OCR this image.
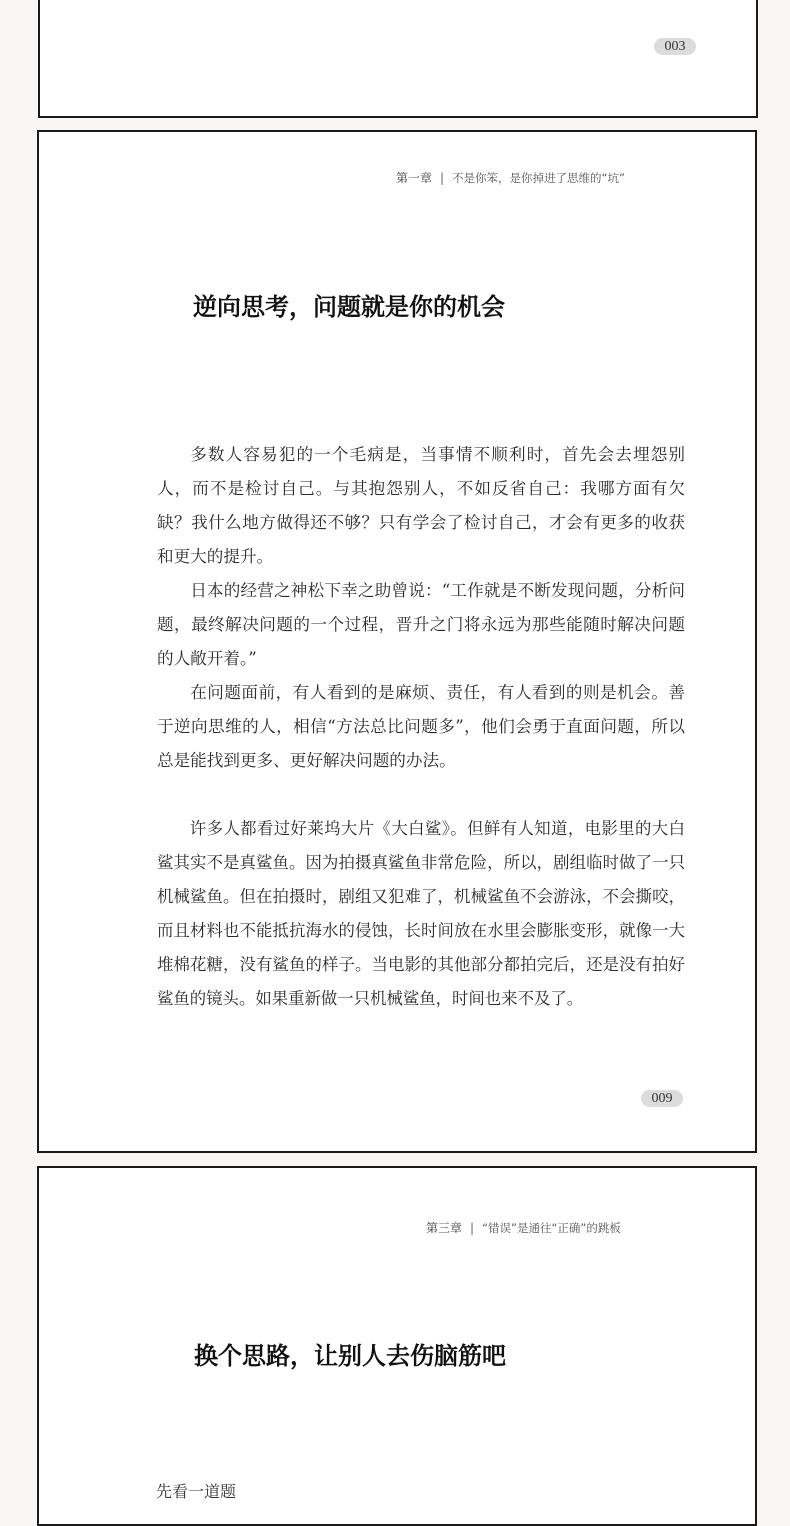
003
第一章 | 不是你笨，是你掉进了思维的“坑”
逆向思考，问题就是你的机会

多数人容易犯的一个毛病是，当事情不顺利时，首先会去埋怨别人，而不是检讨自己。与其抱怨别人，不如反省自己：我哪方面有欠缺？我什么地方做得还不够？只有学会了检讨自己，才会有更多的收获和更大的提升。

日本的经营之神松下幸之助曾说：“工作就是不断发现问题，分析问题，最终解决问题的一个过程，晋升之门将永远为那些能随时解决问题的人敞开着。”

在问题面前，有人看到的是麻烦、责任，有人看到的则是机会。善于逆向思维的人，相信“方法总比问题多”，他们会勇于直面问题，所以总是能找到更多、更好解决问题的办法。

许多人都看过好莱坞大片《大白鲨》。但鲜有人知道，电影里的大白鲨其实不是真鲨鱼。因为拍摄真鲨鱼非常危险，所以，剧组临时做了一只机械鲨鱼。但在拍摄时，剧组又犯难了，机械鲨鱼不会游泳，不会撕咬，而且材料也不能抵抗海水的侵蚀，长时间放在水里会膨胀变形，就像一大堆棉花糖，没有鲨鱼的样子。当电影的其他部分都拍完后，还是没有拍好鲨鱼的镜头。如果重新做一只机械鲨鱼，时间也来不及了。

009
第三章 | “错误”是通往“正确”的跳板
换个思路，让别人去伤脑筋吧
先看一道题
